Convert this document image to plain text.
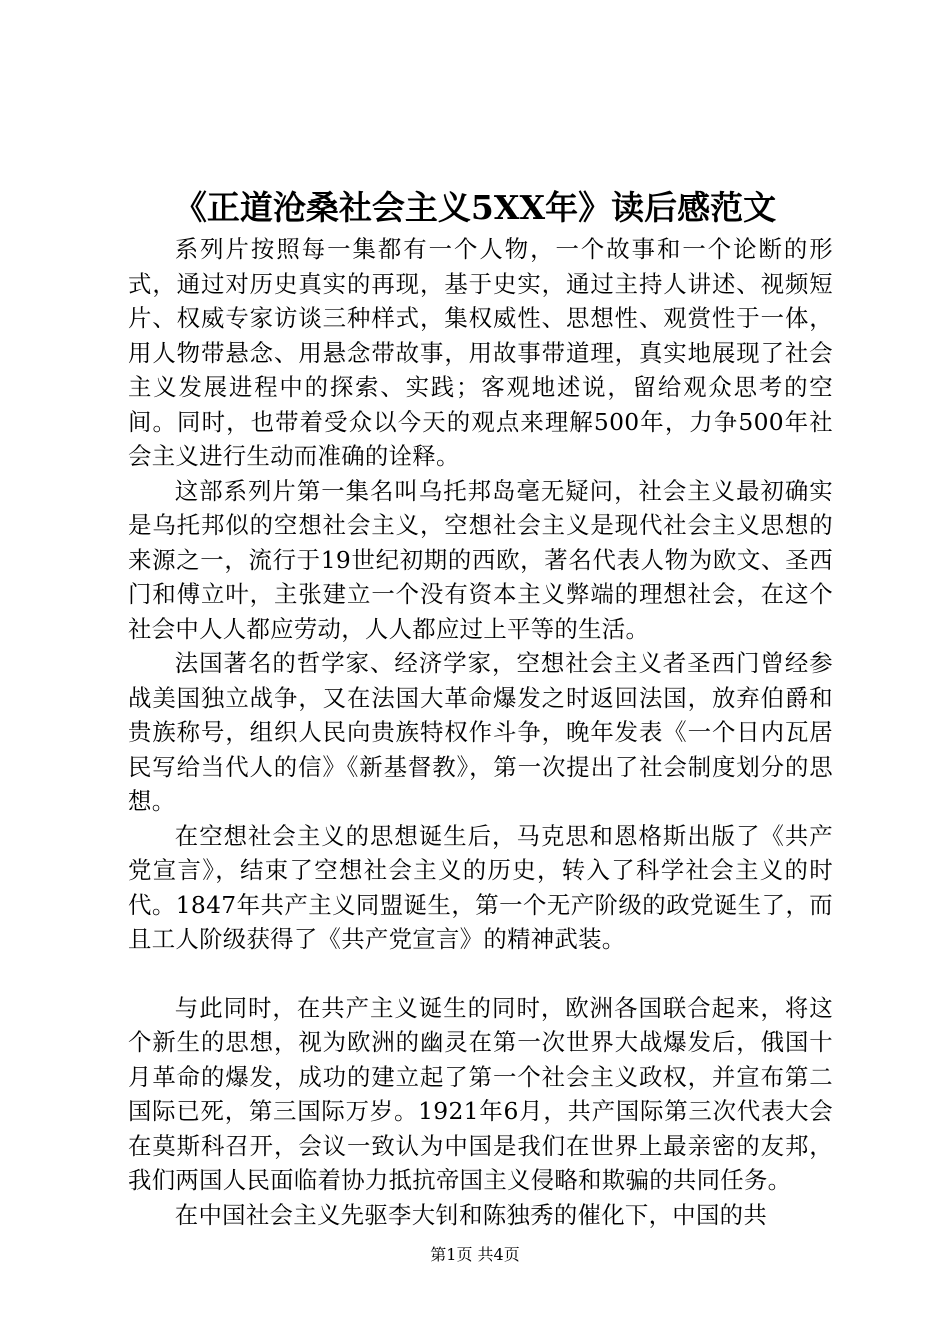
《正道沧桑社会主义5XX年》读后感范文

系列片按照每一集都有一个人物，一个故事和一个论断的形式，通过对历史真实的再现，基于史实，通过主持人讲述、视频短片、权威专家访谈三种样式，集权威性、思想性、观赏性于一体，用人物带悬念、用悬念带故事，用故事带道理，真实地展现了社会主义发展进程中的探索、实践；客观地述说，留给观众思考的空间。同时，也带着受众以今天的观点来理解500年，力争500年社会主义进行生动而准确的诠释。

这部系列片第一集名叫乌托邦岛毫无疑问，社会主义最初确实是乌托邦似的空想社会主义，空想社会主义是现代社会主义思想的来源之一，流行于19世纪初期的西欧，著名代表人物为欧文、圣西门和傅立叶，主张建立一个没有资本主义弊端的理想社会，在这个社会中人人都应劳动，人人都应过上平等的生活。

法国著名的哲学家、经济学家，空想社会主义者圣西门曾经参战美国独立战争，又在法国大革命爆发之时返回法国，放弃伯爵和贵族称号，组织人民向贵族特权作斗争，晚年发表《一个日内瓦居民写给当代人的信》《新基督教》，第一次提出了社会制度划分的思想。

在空想社会主义的思想诞生后，马克思和恩格斯出版了《共产党宣言》，结束了空想社会主义的历史，转入了科学社会主义的时代。1847年共产主义同盟诞生，第一个无产阶级的政党诞生了，而且工人阶级获得了《共产党宣言》的精神武装。

与此同时，在共产主义诞生的同时，欧洲各国联合起来，将这个新生的思想，视为欧洲的幽灵在第一次世界大战爆发后，俄国十月革命的爆发，成功的建立起了第一个社会主义政权，并宣布第二国际已死，第三国际万岁。1921年6月，共产国际第三次代表大会在莫斯科召开，会议一致认为中国是我们在世界上最亲密的友邦，我们两国人民面临着协力抵抗帝国主义侵略和欺骗的共同任务。

在中国社会主义先驱李大钊和陈独秀的催化下，中国的共

第1页 共4页
